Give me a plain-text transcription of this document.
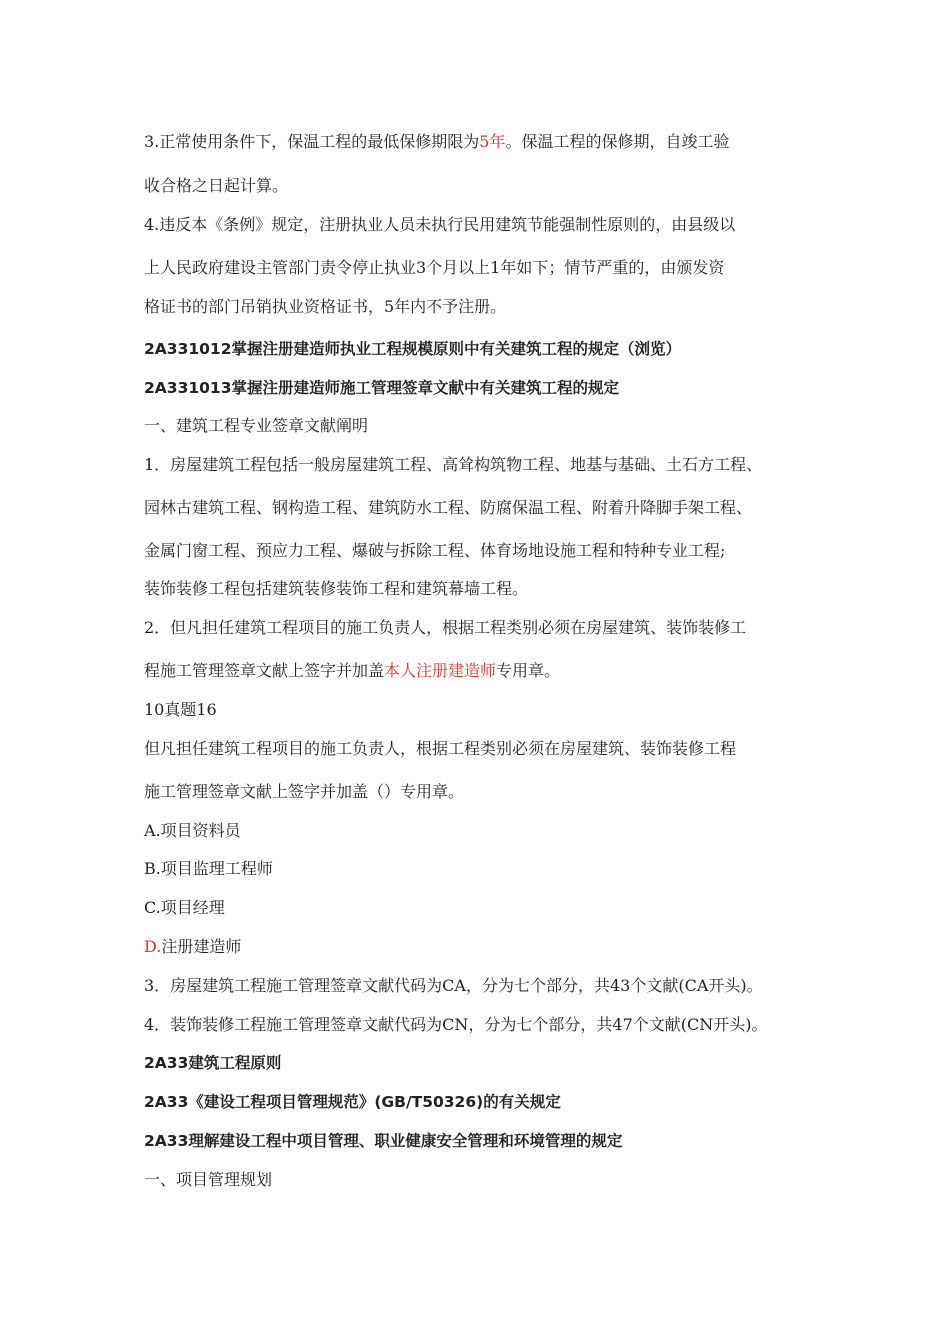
3.正常使用条件下，保温工程的最低保修期限为5年。保温工程的保修期，自竣工验

收合格之日起计算。

4.违反本《条例》规定，注册执业人员未执行民用建筑节能强制性原则的，由县级以

上人民政府建设主管部门责令停止执业3个月以上1年如下；情节严重的，由颁发资

格证书的部门吊销执业资格证书，5年内不予注册。

2A331012掌握注册建造师执业工程规模原则中有关建筑工程的规定（浏览）

2A331013掌握注册建造师施工管理签章文献中有关建筑工程的规定

一、建筑工程专业签章文献阐明

1．房屋建筑工程包括一般房屋建筑工程、高耸构筑物工程、地基与基础、土石方工程、

园林古建筑工程、钢构造工程、建筑防水工程、防腐保温工程、附着升降脚手架工程、

金属门窗工程、预应力工程、爆破与拆除工程、体育场地设施工程和特种专业工程;

装饰装修工程包括建筑装修装饰工程和建筑幕墙工程。

2．但凡担任建筑工程项目的施工负责人，根据工程类别必须在房屋建筑、装饰装修工

程施工管理签章文献上签字并加盖本人注册建造师专用章。

10真题16

但凡担任建筑工程项目的施工负责人，根据工程类别必须在房屋建筑、装饰装修工程

施工管理签章文献上签字并加盖（）专用章。

A.项目资料员

B.项目监理工程师

C.项目经理

D.注册建造师

3．房屋建筑工程施工管理签章文献代码为CA，分为七个部分，共43个文献(CA开头)。

4．装饰装修工程施工管理签章文献代码为CN，分为七个部分，共47个文献(CN开头)。

2A33建筑工程原则

2A33《建设工程项目管理规范》(GB/T50326)的有关规定

2A33理解建设工程中项目管理、职业健康安全管理和环境管理的规定

一、项目管理规划
